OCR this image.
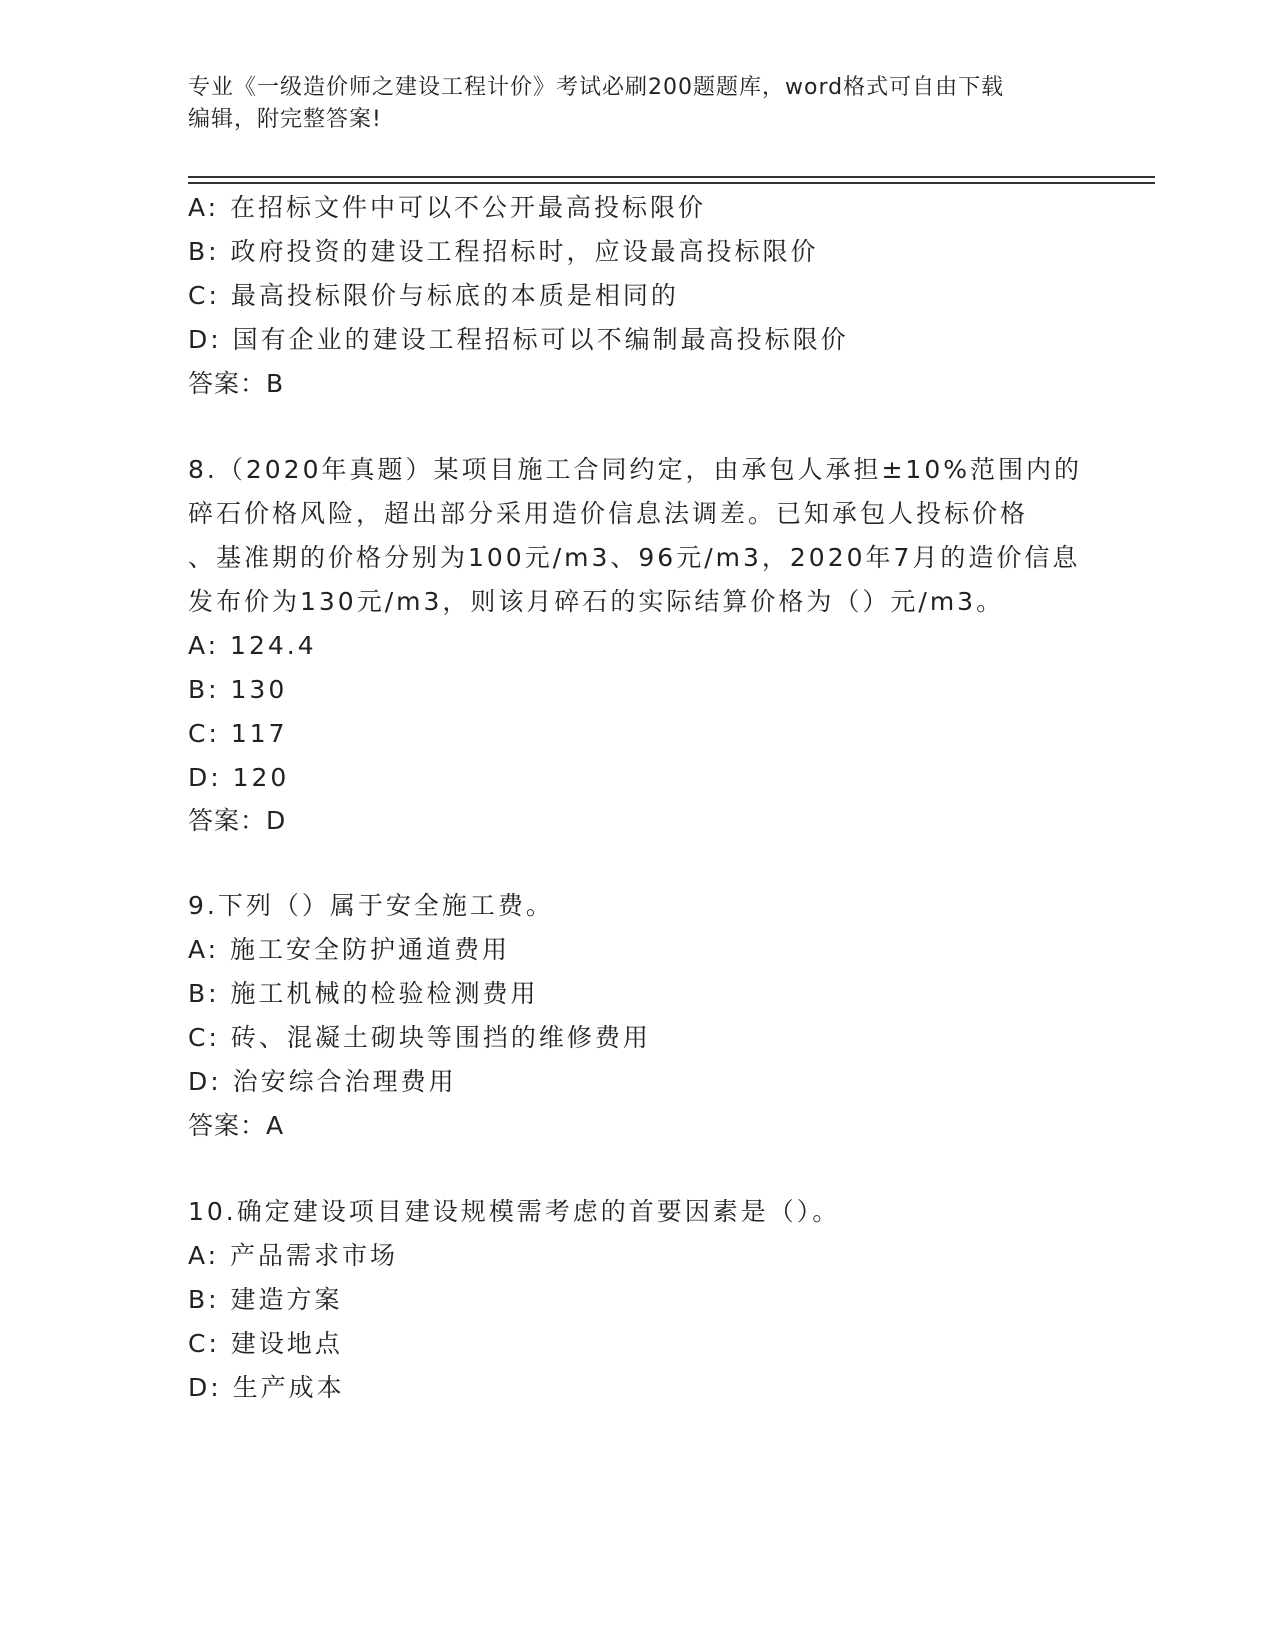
专业《一级造价师之建设工程计价》考试必刷200题题库，word格式可自由下载
编辑，附完整答案!
A: 在招标文件中可以不公开最高投标限价
B: 政府投资的建设工程招标时，应设最高投标限价
C: 最高投标限价与标底的本质是相同的
D: 国有企业的建设工程招标可以不编制最高投标限价
答案：B
8.（2020年真题）某项目施工合同约定，由承包人承担±10%范围内的
碎石价格风险，超出部分采用造价信息法调差。已知承包人投标价格
、基准期的价格分别为100元/m3、96元/m3，2020年7月的造价信息
发布价为130元/m3，则该月碎石的实际结算价格为（）元/m3。
A: 124.4
B: 130
C: 117
D: 120
答案：D
9.下列（）属于安全施工费。
A: 施工安全防护通道费用
B: 施工机械的检验检测费用
C: 砖、混凝土砌块等围挡的维修费用
D: 治安综合治理费用
答案：A
10.确定建设项目建设规模需考虑的首要因素是（）。
A: 产品需求市场
B: 建造方案
C: 建设地点
D: 生产成本
